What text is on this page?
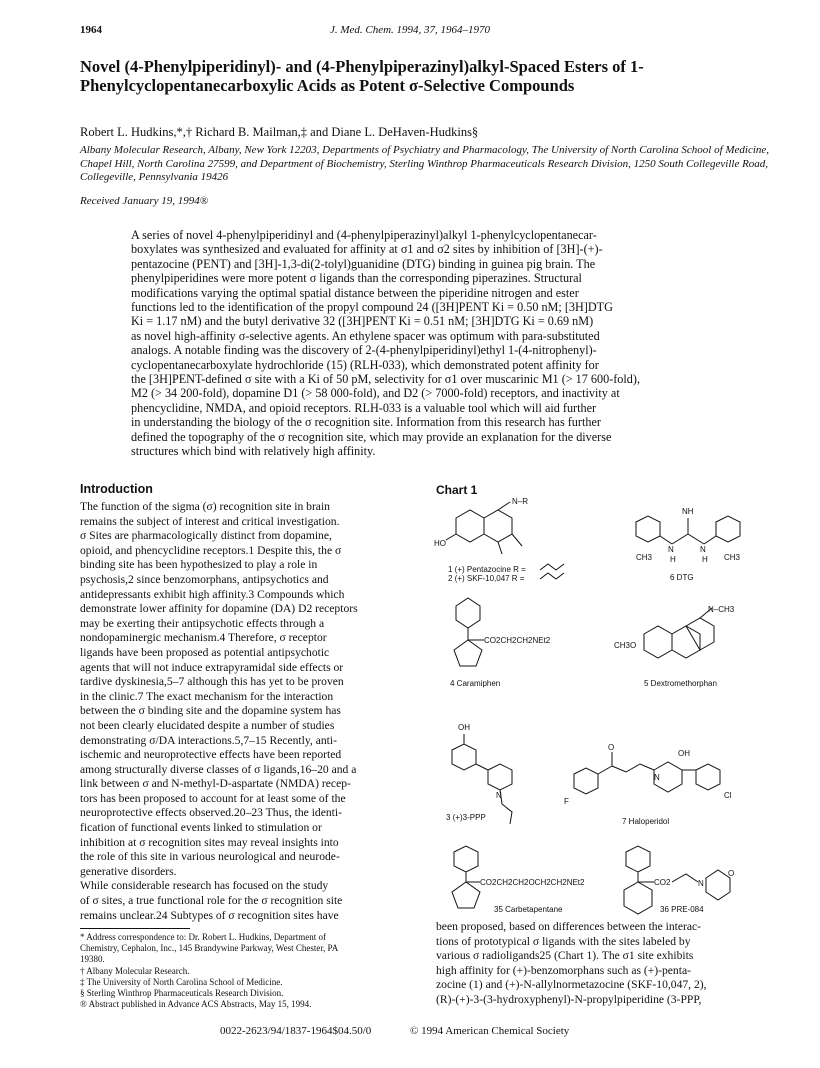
1964	J. Med. Chem. 1994, 37, 1964–1970
Novel (4-Phenylpiperidinyl)- and (4-Phenylpiperazinyl)alkyl-Spaced Esters of 1-Phenylcyclopentanecarboxylic Acids as Potent σ-Selective Compounds
Robert L. Hudkins,*,† Richard B. Mailman,‡ and Diane L. DeHaven-Hudkins§
Albany Molecular Research, Albany, New York 12203, Departments of Psychiatry and Pharmacology, The University of North Carolina School of Medicine, Chapel Hill, North Carolina 27599, and Department of Biochemistry, Sterling Winthrop Pharmaceuticals Research Division, 1250 South Collegeville Road, Collegeville, Pennsylvania 19426
Received January 19, 1994®
A series of novel 4-phenylpiperidinyl and (4-phenylpiperazinyl)alkyl 1-phenylcyclopentanecar-
boxylates was synthesized and evaluated for affinity at σ1 and σ2 sites by inhibition of [3H]-(+)-
pentazocine (PENT) and [3H]-1,3-di(2-tolyl)guanidine (DTG) binding in guinea pig brain. The
phenylpiperidines were more potent σ ligands than the corresponding piperazines. Structural
modifications varying the optimal spatial distance between the piperidine nitrogen and ester
functions led to the identification of the propyl compound 24 ([3H]PENT Ki = 0.50 nM; [3H]DTG
Ki = 1.17 nM) and the butyl derivative 32 ([3H]PENT Ki = 0.51 nM; [3H]DTG Ki = 0.69 nM)
as novel high-affinity σ-selective agents. An ethylene spacer was optimum with para-substituted
analogs. A notable finding was the discovery of 2-(4-phenylpiperidinyl)ethyl 1-(4-nitrophenyl)-
cyclopentanecarboxylate hydrochloride (15) (RLH-033), which demonstrated potent affinity for
the [3H]PENT-defined σ site with a Ki of 50 pM, selectivity for σ1 over muscarinic M1 (> 17 600-fold),
M2 (> 34 200-fold), dopamine D1 (> 58 000-fold), and D2 (> 7000-fold) receptors, and inactivity at
phencyclidine, NMDA, and opioid receptors. RLH-033 is a valuable tool which will aid further
in understanding the biology of the σ recognition site. Information from this research has further
defined the topography of the σ recognition site, which may provide an explanation for the diverse
structures which bind with relatively high affinity.
Introduction
The function of the sigma (σ) recognition site in brain
remains the subject of interest and critical investigation.
σ Sites are pharmacologically distinct from dopamine,
opioid, and phencyclidine receptors.1 Despite this, the σ
binding site has been hypothesized to play a role in
psychosis,2 since benzomorphans, antipsychotics and
antidepressants exhibit high affinity.3 Compounds which
demonstrate lower affinity for dopamine (DA) D2 receptors
may be exerting their antipsychotic effects through a
nondopaminergic mechanism.4 Therefore, σ receptor
ligands have been proposed as potential antipsychotic
agents that will not induce extrapyramidal side effects or
tardive dyskinesia,5–7 although this has yet to be proven
in the clinic.7 The exact mechanism for the interaction
between the σ binding site and the dopamine system has
not been clearly elucidated despite a number of studies
demonstrating σ/DA interactions.5,7–15 Recently, anti-
ischemic and neuroprotective effects have been reported
among structurally diverse classes of σ ligands,16–20 and a
link between σ and N-methyl-D-aspartate (NMDA) recep-
tors has been proposed to account for at least some of the
neuroprotective effects observed.20–23 Thus, the identi-
fication of functional events linked to stimulation or
inhibition at σ recognition sites may reveal insights into
the role of this site in various neurological and neurode-
generative disorders.
While considerable research has focused on the study
of σ sites, a true functional role for the σ recognition site
remains unclear.24 Subtypes of σ recognition sites have
* Address correspondence to: Dr. Robert L. Hudkins, Department of
Chemistry, Cephalon, Inc., 145 Brandywine Parkway, West Chester, PA
19380.
† Albany Molecular Research.
‡ The University of North Carolina School of Medicine.
§ Sterling Winthrop Pharmaceuticals Research Division.
® Abstract published in Advance ACS Abstracts, May 15, 1994.
Chart 1
N–R
HO
1 (+) Pentazocine R =
2 (+) SKF-10,047 R =
NH
N	N
H	H
CH3	CH3
6 DTG
CO2CH2CH2NEt2
4 Caramiphen
N–CH3
CH3O
5 Dextromethorphan
OH
N
3 (+)3-PPP
F
O
N
OH
Cl
7 Haloperidol
CO2CH2CH2OCH2CH2NEt2
35 Carbetapentane
CO2	N
O
36 PRE-084
been proposed, based on differences between the interac-
tions of prototypical σ ligands with the sites labeled by
various σ radioligands25 (Chart 1). The σ1 site exhibits
high affinity for (+)-benzomorphans such as (+)-penta-
zocine (1) and (+)-N-allylnormetazocine (SKF-10,047, 2),
(R)-(+)-3-(3-hydroxyphenyl)-N-propylpiperidine (3-PPP,
0022-2623/94/1837-1964$04.50/0	© 1994 American Chemical Society
